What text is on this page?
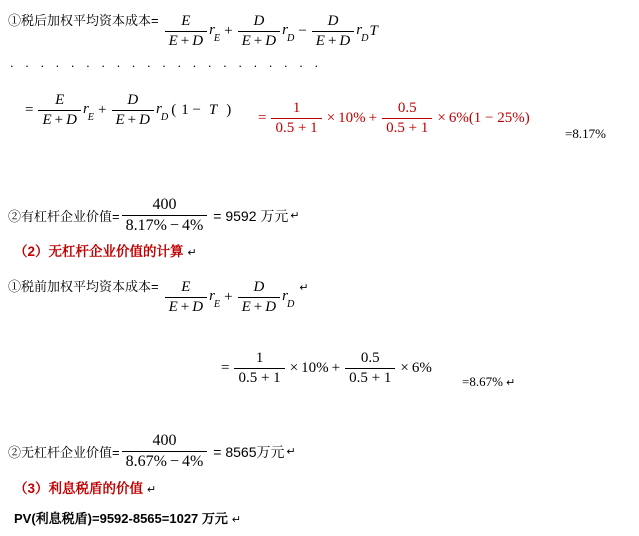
①税后加权平均资本成本= $\frac{E}{E + D} r_E + \frac{D}{E + D} r_D - \frac{D}{E + D} r_D$ T
. . . . . . . . . . . . . . . . . . . . .
= $\frac{E}{E + D} r_E + \frac{D}{E + D} r_D$ ( 1 − T ) = $\frac{1}{0.5 + 1} \times 10\% + \frac{0.5}{0.5 + 1} \times 6\%$ (1 − 25%)
=8.17%
②有杠杆企业价值= $\frac{400}{8.17\% - 4\%} = 9592$ 万元 ↵
（2）无杠杆企业价值的计算 ↵
①税前加权平均资本成本= $\frac{E}{E + D} r_E + \frac{D}{E + D} r_D$
↵
= $\frac{1}{0.5 + 1} \times 10\% + \frac{0.5}{0.5 + 1} \times 6\%$
=8.67% ↵
②无杠杆企业价值= $\frac{400}{8.67\% - 4\%} = 8565$万元 ↵
（3）利息税盾的价值 ↵
PV(利息税盾)=9592-8565=1027 万元 ↵
